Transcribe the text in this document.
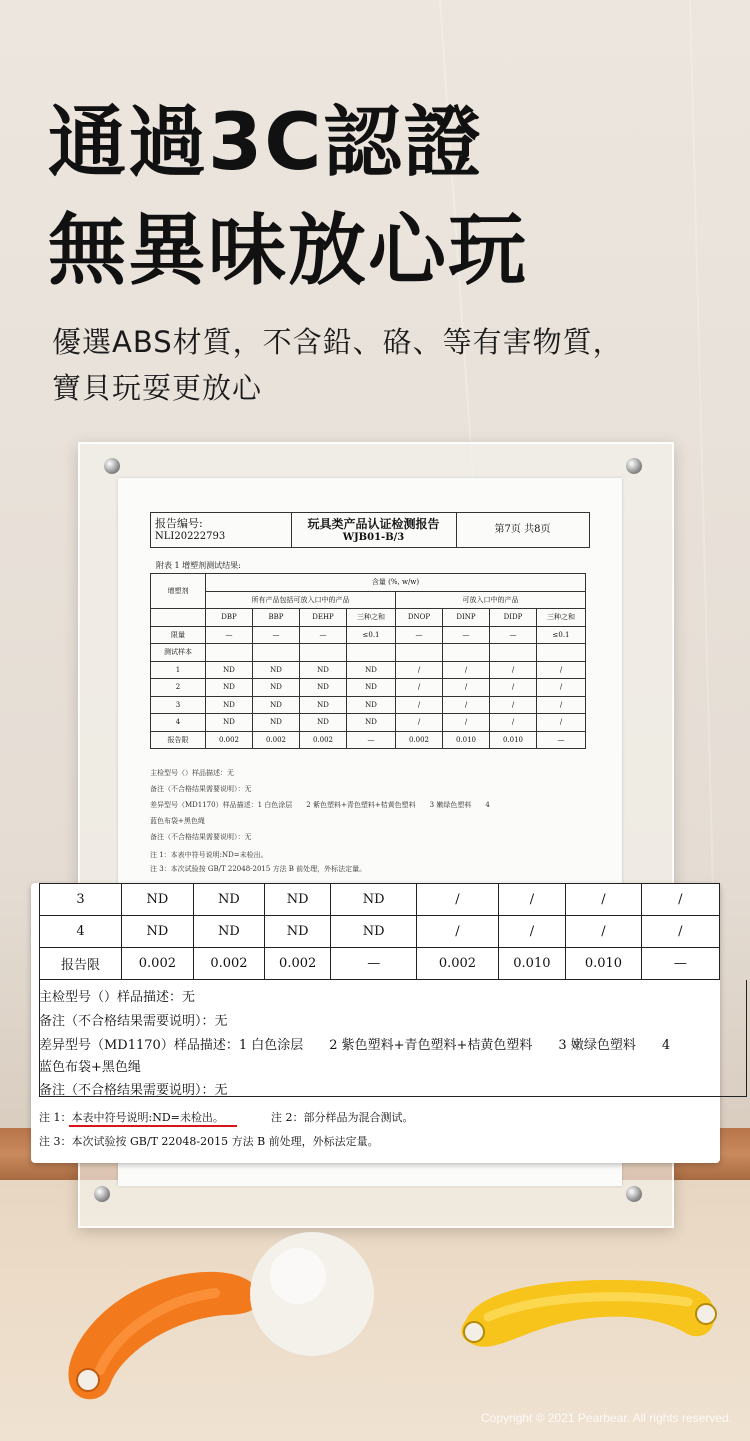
通過3C認證
無異味放心玩
優選ABS材質，不含鉛、硌、等有害物質，
寶貝玩耍更放心
报告编号:
NLI20222793
玩具类产品认证检测报告
WJB01-B/3
第7页 共8页
附表 1 增塑剂测试结果:
增塑剂	含量 (%, w/w)							
	所有产品包括可放入口中的产品				可放入口中的产品			
	DBP	BBP	DEHP	三种之和	DNOP	DINP	DIDP	三种之和
限量	—	—	—	≤0.1	—	—	—	≤0.1
测试样本								
1	ND	ND	ND	ND	/	/	/	/
2	ND	ND	ND	ND	/	/	/	/
3	ND	ND	ND	ND	/	/	/	/
4	ND	ND	ND	ND	/	/	/	/
报告限	0.002	0.002	0.002	—	0.002	0.010	0.010	—
主检型号（）样品描述：无
备注（不合格结果需要说明）：无
差异型号（MD1170）样品描述：1 白色涂层　　2 紫色塑料+青色塑料+桔黄色塑料　　3 嫩绿色塑料　　4
蓝色布袋+黑色绳
备注（不合格结果需要说明）：无
注 1：本表中符号说明:ND=未检出。
注 3：本次试验按 GB/T 22048-2015 方法 B 前处理，外标法定量。
3	ND	ND	ND	ND	/	/	/	/
4	ND	ND	ND	ND	/	/	/	/
报告限	0.002	0.002	0.002	—	0.002	0.010	0.010	—
主检型号（）样品描述：无
备注（不合格结果需要说明）：无
差异型号（MD1170）样品描述：1 白色涂层　　2 紫色塑料+青色塑料+桔黄色塑料　　3 嫩绿色塑料　　4
蓝色布袋+黑色绳
备注（不合格结果需要说明）：无
注 1：本表中符号说明:ND=未检出。	注 2：部分样品为混合测试。
注 3：本次试验按 GB/T 22048-2015 方法 B 前处理，外标法定量。
Copyright © 2021 Pearbear. All rights reserved.
